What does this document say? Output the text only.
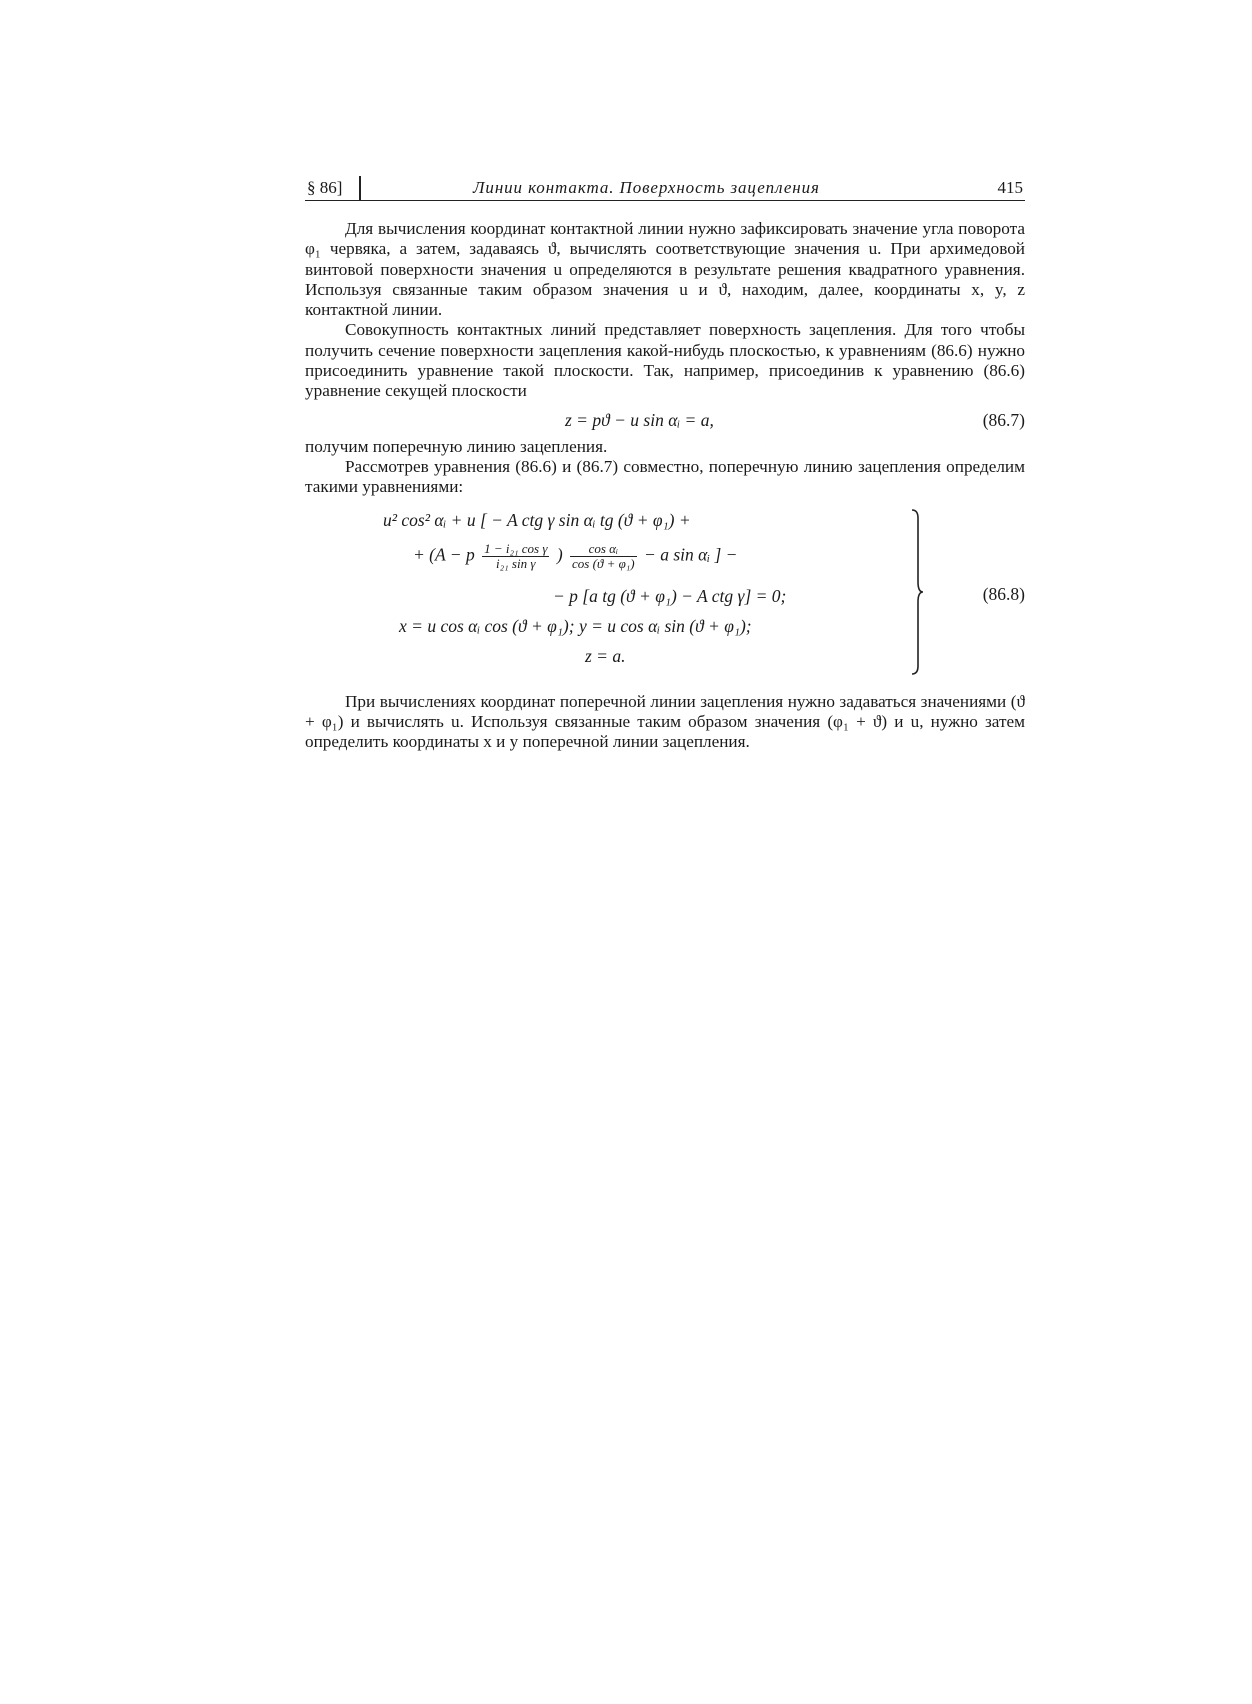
§ 86]	Линии контакта. Поверхность зацепления	415

Для вычисления координат контактной линии нужно зафиксировать значение угла поворота φ₁ червяка, а затем, задаваясь ϑ, вычислять соответствующие значения u. При архимедовой винтовой поверхности значения u определяются в результате решения квадратного уравнения. Используя связанные таким образом значения u и ϑ, находим, далее, координаты x, y, z контактной линии.

Совокупность контактных линий представляет поверхность зацепления. Для того чтобы получить сечение поверхности зацепления какой-нибудь плоскостью, к уравнениям (86.6) нужно присоединить уравнение такой плоскости. Так, например, присоединив к уравнению (86.6) уравнение секущей плоскости

z = pϑ − u sin αᵢ = a,	(86.7)

получим поперечную линию зацепления.

Рассмотрев уравнения (86.6) и (86.7) совместно, поперечную линию зацепления определим такими уравнениями:

u² cos² αᵢ + u [ − A ctg γ sin αᵢ tg (ϑ + φ₁) +
+ (A − p $\frac{\text{1 − i₂₁ cos γ}}{\text{i₂₁ sin γ}}$ ) $\frac{\text{cos αᵢ}}{\text{cos (ϑ + φ₁)}} - a$ sin αᵢ ] −
− p [a tg (ϑ + φ₁) − A ctg γ] = 0;
x = u cos αᵢ cos (ϑ + φ₁); y = u cos αᵢ sin (ϑ + φ₁);
z = a.
(86.8)

При вычислениях координат поперечной линии зацепления нужно задаваться значениями (ϑ + φ₁) и вычислять u. Используя связанные таким образом значения (φ₁ + ϑ) и u, нужно затем определить координаты x и y поперечной линии зацепления.
